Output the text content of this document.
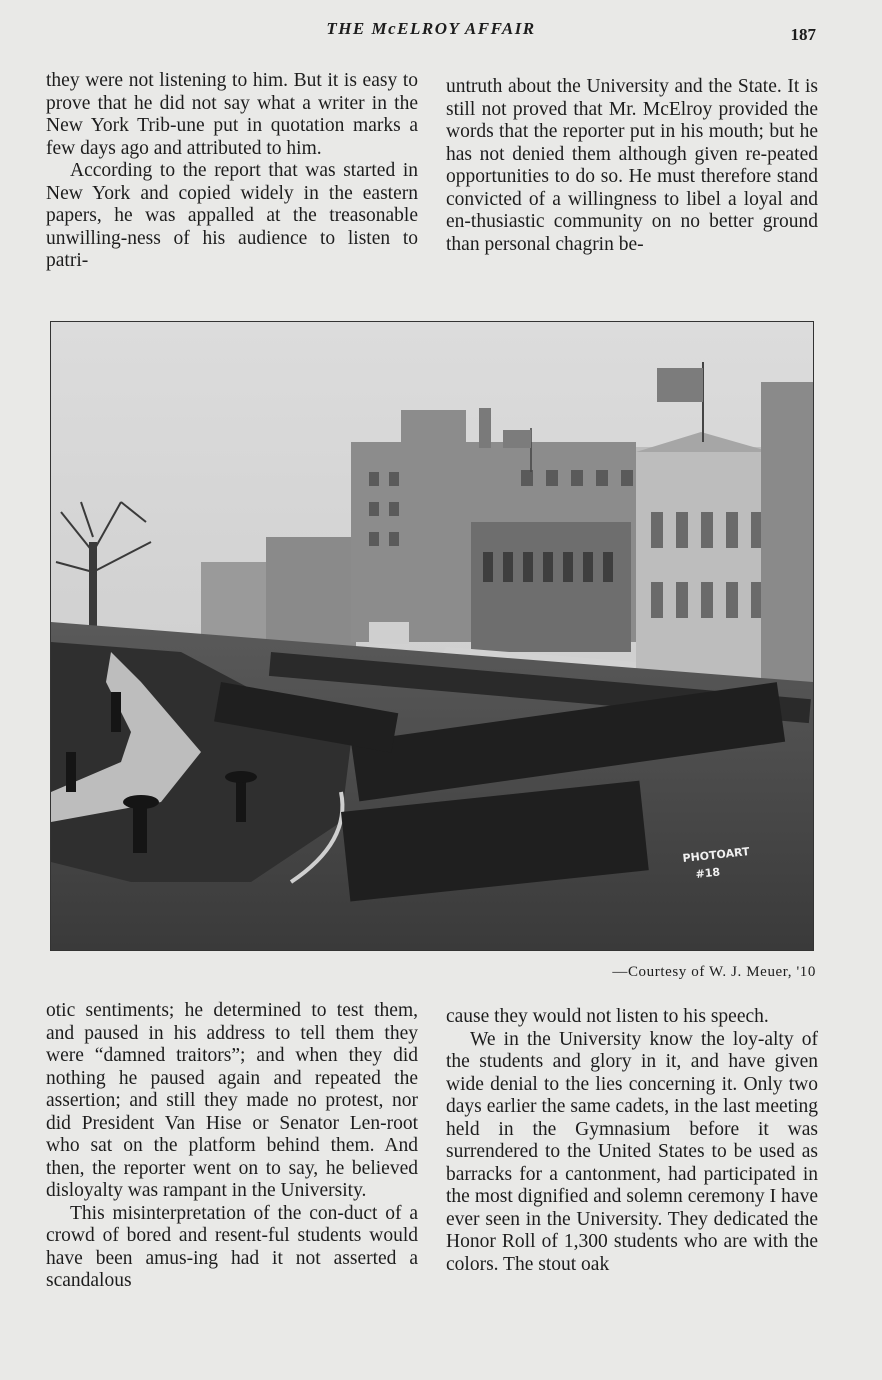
THE McELROY AFFAIR	187

they were not listening to him. But it is easy to prove that he did not say what a writer in the New York Trib-une put in quotation marks a few days ago and attributed to him.

According to the report that was started in New York and copied widely in the eastern papers, he was appalled at the treasonable unwilling-ness of his audience to listen to patri-

untruth about the University and the State. It is still not proved that Mr. McElroy provided the words that the reporter put in his mouth; but he has not denied them although given re-peated opportunities to do so. He must therefore stand convicted of a willingness to libel a loyal and en-thusiastic community on no better ground than personal chagrin be-

PHOTOART
#18
—Courtesy of W. J. Meuer, '10

otic sentiments; he determined to test them, and paused in his address to tell them they were “damned traitors”; and when they did nothing he paused again and repeated the assertion; and still they made no protest, nor did President Van Hise or Senator Len-root who sat on the platform behind them. And then, the reporter went on to say, he believed disloyalty was rampant in the University.

This misinterpretation of the con-duct of a crowd of bored and resent-ful students would have been amus-ing had it not asserted a scandalous

cause they would not listen to his speech.

We in the University know the loy-alty of the students and glory in it, and have given wide denial to the lies concerning it. Only two days earlier the same cadets, in the last meeting held in the Gymnasium before it was surrendered to the United States to be used as barracks for a cantonment, had participated in the most dignified and solemn ceremony I have ever seen in the University. They dedicated the Honor Roll of 1,300 students who are with the colors. The stout oak
